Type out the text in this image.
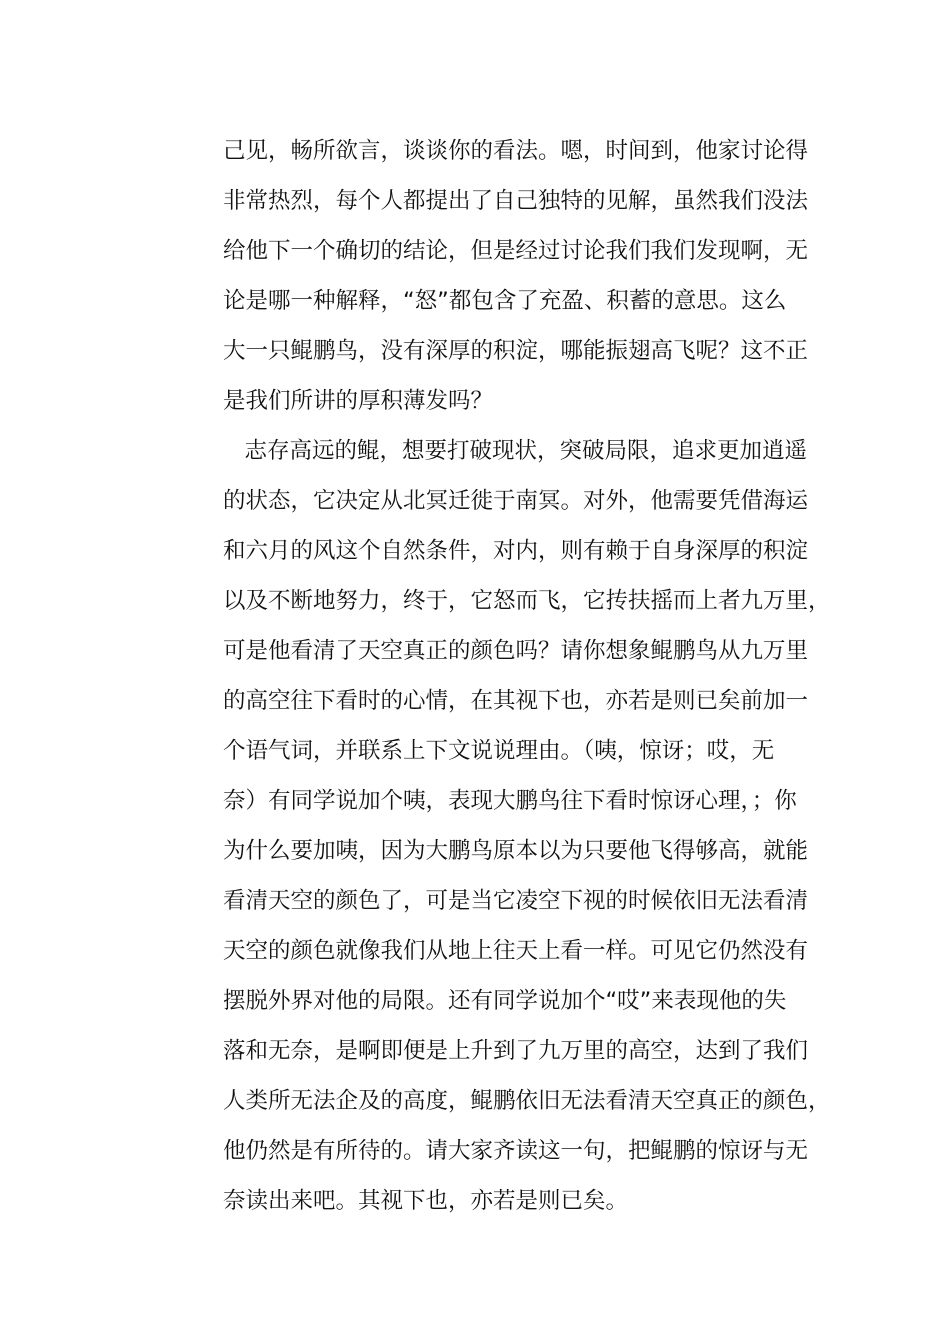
己见，畅所欲言，谈谈你的看法。嗯，时间到，他家讨论得
非常热烈，每个人都提出了自己独特的见解，虽然我们没法
给他下一个确切的结论，但是经过讨论我们我们发现啊，无
论是哪一种解释，“怒”都包含了充盈、积蓄的意思。这么
大一只鲲鹏鸟，没有深厚的积淀，哪能振翅高飞呢？这不正
是我们所讲的厚积薄发吗？
志存高远的鲲，想要打破现状，突破局限，追求更加逍遥
的状态，它决定从北冥迁徙于南冥。对外，他需要凭借海运
和六月的风这个自然条件，对内，则有赖于自身深厚的积淀
以及不断地努力，终于，它怒而飞，它抟扶摇而上者九万里，
可是他看清了天空真正的颜色吗？请你想象鲲鹏鸟从九万里
的高空往下看时的心情，在其视下也，亦若是则已矣前加一
个语气词，并联系上下文说说理由。（咦，惊讶；哎，无
奈）有同学说加个咦，表现大鹏鸟往下看时惊讶心理，；你
为什么要加咦，因为大鹏鸟原本以为只要他飞得够高，就能
看清天空的颜色了，可是当它凌空下视的时候依旧无法看清
天空的颜色就像我们从地上往天上看一样。可见它仍然没有
摆脱外界对他的局限。还有同学说加个“哎”来表现他的失
落和无奈，是啊即便是上升到了九万里的高空，达到了我们
人类所无法企及的高度，鲲鹏依旧无法看清天空真正的颜色，
他仍然是有所待的。请大家齐读这一句，把鲲鹏的惊讶与无
奈读出来吧。其视下也，亦若是则已矣。
